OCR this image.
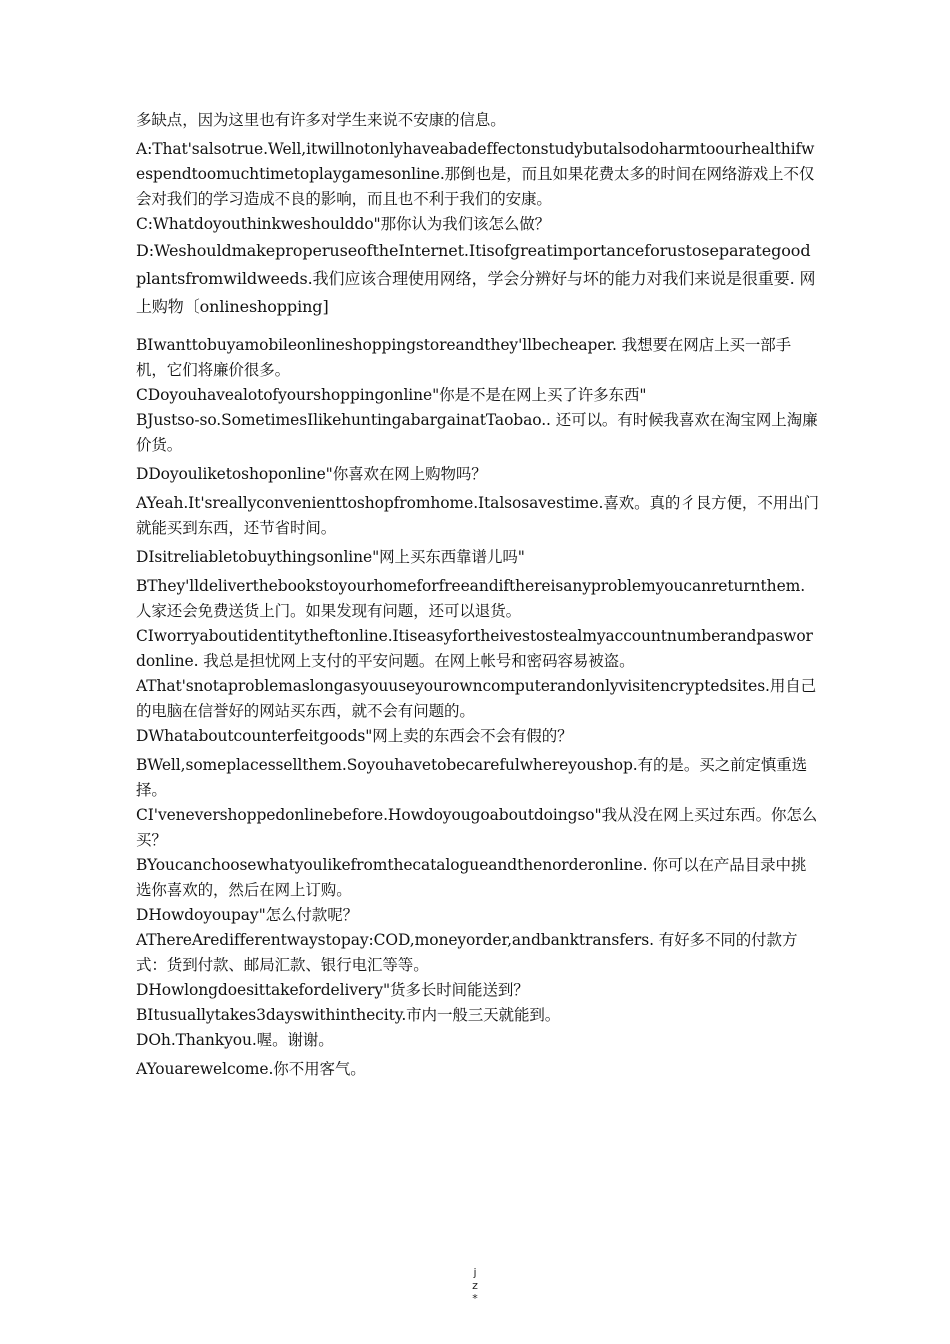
多缺点，因为这里也有许多对学生来说不安康的信息。

A:That'salsotrue.Well,itwillnotonlyhaveabadeffectonstudybutalsodoharmtoourhealthifwespendtoomuchtimetoplaygamesonline.那倒也是，而且如果花费太多的时间在网络游戏上不仅会对我们的学习造成不良的影响，而且也不利于我们的安康。

C:Whatdoyouthinkweshoulddo"那你认为我们该怎么做？

D:WeshouldmakeproperuseoftheInternet.Itisofgreatimportanceforustoseparategoodplantsfromwildweeds.我们应该合理使用网络，学会分辨好与坏的能力对我们来说是很重要. 网上购物〔onlineshopping]

BIwanttobuyamobileonlineshoppingstoreandthey'llbecheaper. 我想要在网店上买一部手机，它们将廉价很多。

CDoyouhavealotofyourshoppingonline"你是不是在网上买了许多东西"

BJustso-so.SometimesIlikehuntingabargainatTaobao.. 还可以。有时候我喜欢在淘宝网上淘廉价货。

DDoyouliketoshoponline"你喜欢在网上购物吗？

AYeah.It'sreallyconvenienttoshopfromhome.Italsosavestime.喜欢。真的彳艮方便，不用出门就能买到东西，还节省时间。

DIsitreliabletobuythingsonline"网上买东西靠谱儿吗"

BThey'lldeliverthebookstoyourhomeforfreeandifthereisanyproblemyoucanreturnthem.人家还会免费送货上门。如果发现有问题，还可以退货。

CIworryaboutidentitytheftonline.Itiseasyfortheivestostealmyaccountnumberandpaswordonline. 我总是担忧网上支付的平安问题。在网上帐号和密码容易被盗。

AThat'snotaproblemaslongasyouuseyourowncomputerandonlyvisitencryptedsites.用自己的电脑在信誉好的网站买东西，就不会有问题的。

DWhataboutcounterfeitgoods"网上卖的东西会不会有假的？

BWell,someplacessellthem.Soyouhavetobecarefulwhereyoushop.有的是。买之前定慎重选择。

CI'venevershoppedonlinebefore.Howdoyougoaboutdoingso"我从没在网上买过东西。你怎么买？

BYoucanchoosewhatyoulikefromthecatalogueandthenorderonline. 你可以在产品目录中挑选你喜欢的，然后在网上订购。

DHowdoyoupay"怎么付款呢？

AThereAredifferentwaystopay:COD,moneyorder,andbanktransfers. 有好多不同的付款方式：货到付款、邮局汇款、银行电汇等等。

DHowlongdoesittakefordelivery"货多长时间能送到？

BItusuallytakes3dayswithinthecity.市内一般三天就能到。

DOh.Thankyou.喔。谢谢。

AYouarewelcome.你不用客气。

j
z
*
